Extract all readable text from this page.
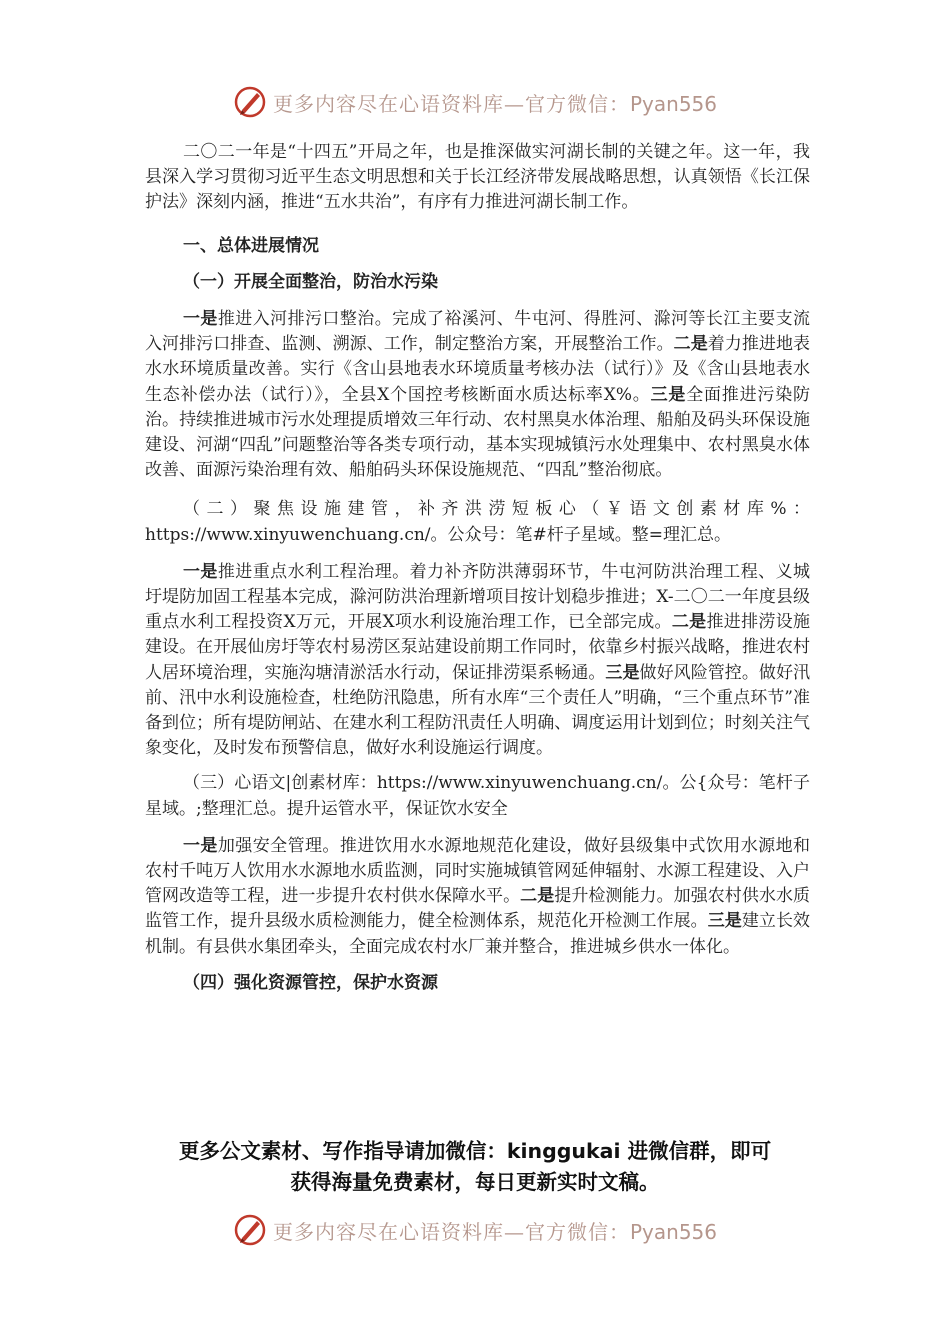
更多内容尽在心语资料库—官方微信：Pyan556

二〇二一年是“十四五”开局之年，也是推深做实河湖长制的关键之年。这一年，我县深入学习贯彻习近平生态文明思想和关于长江经济带发展战略思想，认真领悟《长江保护法》深刻内涵，推进“五水共治”，有序有力推进河湖长制工作。

一、总体进展情况

（一）开展全面整治，防治水污染

一是推进入河排污口整治。完成了裕溪河、牛屯河、得胜河、滁河等长江主要支流入河排污口排查、监测、溯源、工作，制定整治方案，开展整治工作。二是着力推进地表水水环境质量改善。实行《含山县地表水环境质量考核办法（试行）》及《含山县地表水生态补偿办法（试行）》，全县X个国控考核断面水质达标率X%。三是全面推进污染防治。持续推进城市污水处理提质增效三年行动、农村黑臭水体治理、船舶及码头环保设施建设、河湖“四乱”问题整治等各类专项行动，基本实现城镇污水处理集中、农村黑臭水体改善、面源污染治理有效、船舶码头环保设施规范、“四乱”整治彻底。

（二）聚焦设施建管，补齐洪涝短板心（￥语文创素材库%：https://www.xinyuwenchuang.cn/。公众号：笔#杆子星域。整=理汇总。

一是推进重点水利工程治理。着力补齐防洪薄弱环节，牛屯河防洪治理工程、义城圩堤防加固工程基本完成，滁河防洪治理新增项目按计划稳步推进；X-二〇二一年度县级重点水利工程投资X万元，开展X项水利设施治理工作，已全部完成。二是推进排涝设施建设。在开展仙房圩等农村易涝区泵站建设前期工作同时，依靠乡村振兴战略，推进农村人居环境治理，实施沟塘清淤活水行动，保证排涝渠系畅通。三是做好风险管控。做好汛前、汛中水利设施检查，杜绝防汛隐患，所有水库“三个责任人”明确，“三个重点环节”准备到位；所有堤防闸站、在建水利工程防汛责任人明确、调度运用计划到位；时刻关注气象变化，及时发布预警信息，做好水利设施运行调度。

（三）心语文|创素材库：https://www.xinyuwenchuang.cn/。公{众号：笔杆子星域。;整理汇总。提升运管水平，保证饮水安全

一是加强安全管理。推进饮用水水源地规范化建设，做好县级集中式饮用水源地和农村千吨万人饮用水水源地水质监测，同时实施城镇管网延伸辐射、水源工程建设、入户管网改造等工程，进一步提升农村供水保障水平。二是提升检测能力。加强农村供水水质监管工作，提升县级水质检测能力，健全检测体系，规范化开检测工作展。三是建立长效机制。有县供水集团牵头，全面完成农村水厂兼并整合，推进城乡供水一体化。

（四）强化资源管控，保护水资源

更多公文素材、写作指导请加微信：kinggukai 进微信群，即可
获得海量免费素材，每日更新实时文稿。
更多内容尽在心语资料库—官方微信：Pyan556
